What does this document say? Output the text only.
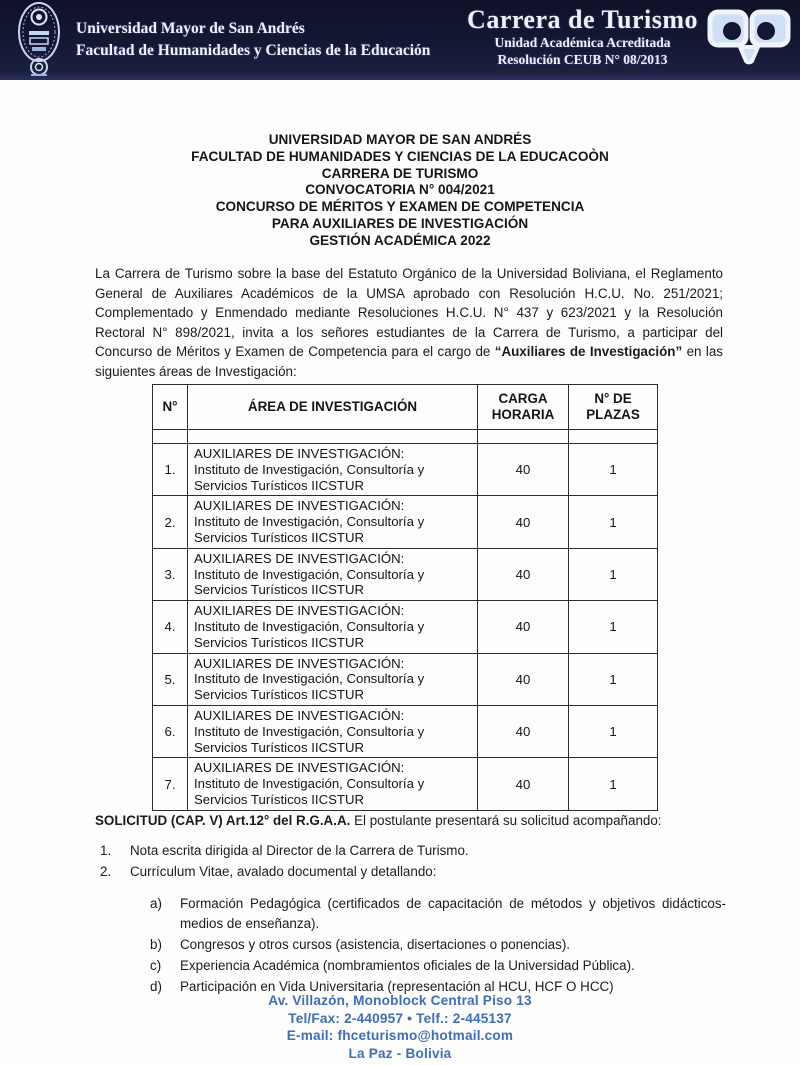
Universidad Mayor de San Andrés
Facultad de Humanidades y Ciencias de la Educación
Carrera de Turismo
Unidad Académica Acreditada
Resolución CEUB N° 08/2013
UNIVERSIDAD MAYOR DE SAN ANDRÉS
FACULTAD DE HUMANIDADES Y CIENCIAS DE LA EDUCACOÒN
CARRERA DE TURISMO
CONVOCATORIA N° 004/2021
CONCURSO DE MÉRITOS Y EXAMEN DE COMPETENCIA
PARA AUXILIARES DE INVESTIGACIÓN
GESTIÓN ACADÉMICA 2022

La Carrera de Turismo sobre la base del Estatuto Orgánico de la Universidad Boliviana, el Reglamento General de Auxiliares Académicos de la UMSA aprobado con Resolución H.C.U. No. 251/2021; Complementado y Enmendado mediante Resoluciones H.C.U. N° 437 y 623/2021 y la Resolución Rectoral N° 898/2021, invita a los señores estudiantes de la Carrera de Turismo, a participar del Concurso de Méritos y Examen de Competencia para el cargo de “Auxiliares de Investigación” en las siguientes áreas de Investigación:

N°	ÁREA DE INVESTIGACIÓN	CARGA HORARIA	N° DE PLAZAS

1.	AUXILIARES DE INVESTIGACIÓN:
Instituto de Investigación, Consultoría y
Servicios Turísticos IICSTUR	40	1
2.	AUXILIARES DE INVESTIGACIÓN:
Instituto de Investigación, Consultoría y
Servicios Turísticos IICSTUR	40	1
3.	AUXILIARES DE INVESTIGACIÓN:
Instituto de Investigación, Consultoría y
Servicios Turísticos IICSTUR	40	1
4.	AUXILIARES DE INVESTIGACIÓN:
Instituto de Investigación, Consultoría y
Servicios Turísticos IICSTUR	40	1
5.	AUXILIARES DE INVESTIGACIÓN:
Instituto de Investigación, Consultoría y
Servicios Turísticos IICSTUR	40	1
6.	AUXILIARES DE INVESTIGACIÓN:
Instituto de Investigación, Consultoría y
Servicios Turísticos IICSTUR	40	1
7.	AUXILIARES DE INVESTIGACIÓN:
Instituto de Investigación, Consultoría y
Servicios Turísticos IICSTUR	40	1

SOLICITUD (CAP. V) Art.12° del R.G.A.A. El postulante presentará su solicitud acompañando:

1.	Nota escrita dirigida al Director de la Carrera de Turismo.
2.	Currículum Vitae, avalado documental y detallando:
a)	Formación Pedagógica (certificados de capacitación de métodos y objetivos didácticos-medios de enseñanza).
b)	Congresos y otros cursos (asistencia, disertaciones o ponencias).
c)	Experiencia Académica (nombramientos oficiales de la Universidad Pública).
d)	Participación en Vida Universitaria (representación al HCU, HCF O HCC)
Av. Villazón, Monoblock Central Piso 13
Tel/Fax: 2-440957 • Telf.: 2-445137
E-mail: fhceturismo@hotmail.com
La Paz - Bolivia
